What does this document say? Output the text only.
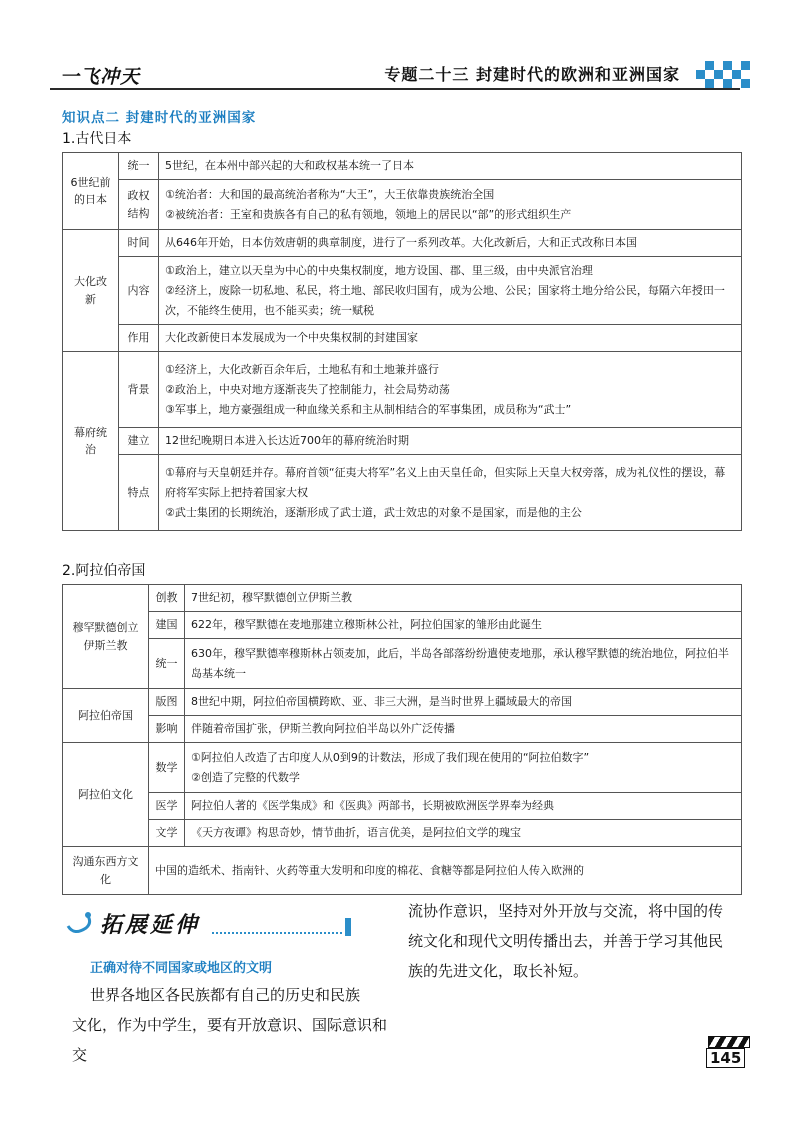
一飞冲天	专题二十三 封建时代的欧洲和亚洲国家
知识点二 封建时代的亚洲国家
1.古代日本
6世纪前的日本	统一	5世纪，在本州中部兴起的大和政权基本统一了日本

	政权结构	①统治者：大和国的最高统治者称为“大王”，大王依靠贵族统治全国
②被统治者：王室和贵族各有自己的私有领地，领地上的居民以“部”的形式组织生产

大化改新	时间	从646年开始，日本仿效唐朝的典章制度，进行了一系列改革。大化改新后，大和正式改称日本国

	内容	①政治上，建立以天皇为中心的中央集权制度，地方设国、郡、里三级，由中央派官治理
②经济上，废除一切私地、私民，将土地、部民收归国有，成为公地、公民；国家将土地分给公民，每隔六年授田一次，不能终生使用，也不能买卖；统一赋税

	作用	大化改新使日本发展成为一个中央集权制的封建国家

幕府统治	背景	①经济上，大化改新百余年后，土地私有和土地兼并盛行
②政治上，中央对地方逐渐丧失了控制能力，社会局势动荡
③军事上，地方豪强组成一种血缘关系和主从制相结合的军事集团，成员称为“武士”

	建立	12世纪晚期日本进入长达近700年的幕府统治时期

	特点	①幕府与天皇朝廷并存。幕府首领“征夷大将军”名义上由天皇任命，但实际上天皇大权旁落，成为礼仪性的摆设，幕府将军实际上把持着国家大权
②武士集团的长期统治，逐渐形成了武士道，武士效忠的对象不是国家，而是他的主公
2.阿拉伯帝国
穆罕默德创立伊斯兰教	创教	7世纪初，穆罕默德创立伊斯兰教

	建国	622年，穆罕默德在麦地那建立穆斯林公社，阿拉伯国家的雏形由此诞生

	统一	630年，穆罕默德率穆斯林占领麦加，此后，半岛各部落纷纷遣使麦地那，承认穆罕默德的统治地位，阿拉伯半岛基本统一

阿拉伯帝国	版图	8世纪中期，阿拉伯帝国横跨欧、亚、非三大洲，是当时世界上疆域最大的帝国

	影响	伴随着帝国扩张，伊斯兰教向阿拉伯半岛以外广泛传播

阿拉伯文化	数学	①阿拉伯人改造了古印度人从0到9的计数法，形成了我们现在使用的“阿拉伯数字”
②创造了完整的代数学

	医学	阿拉伯人著的《医学集成》和《医典》两部书，长期被欧洲医学界奉为经典

	文学	《天方夜谭》构思奇妙，情节曲折，语言优美，是阿拉伯文学的瑰宝

沟通东西方文化	中国的造纸术、指南针、火药等重大发明和印度的棉花、食糖等都是阿拉伯人传入欧洲的	
拓展延伸
正确对待不同国家或地区的文明
世界各地区各民族都有自己的历史和民族
文化，作为中学生，要有开放意识、国际意识和交
流协作意识，坚持对外开放与交流，将中国的传
统文化和现代文明传播出去，并善于学习其他民
族的先进文化，取长补短。
145
